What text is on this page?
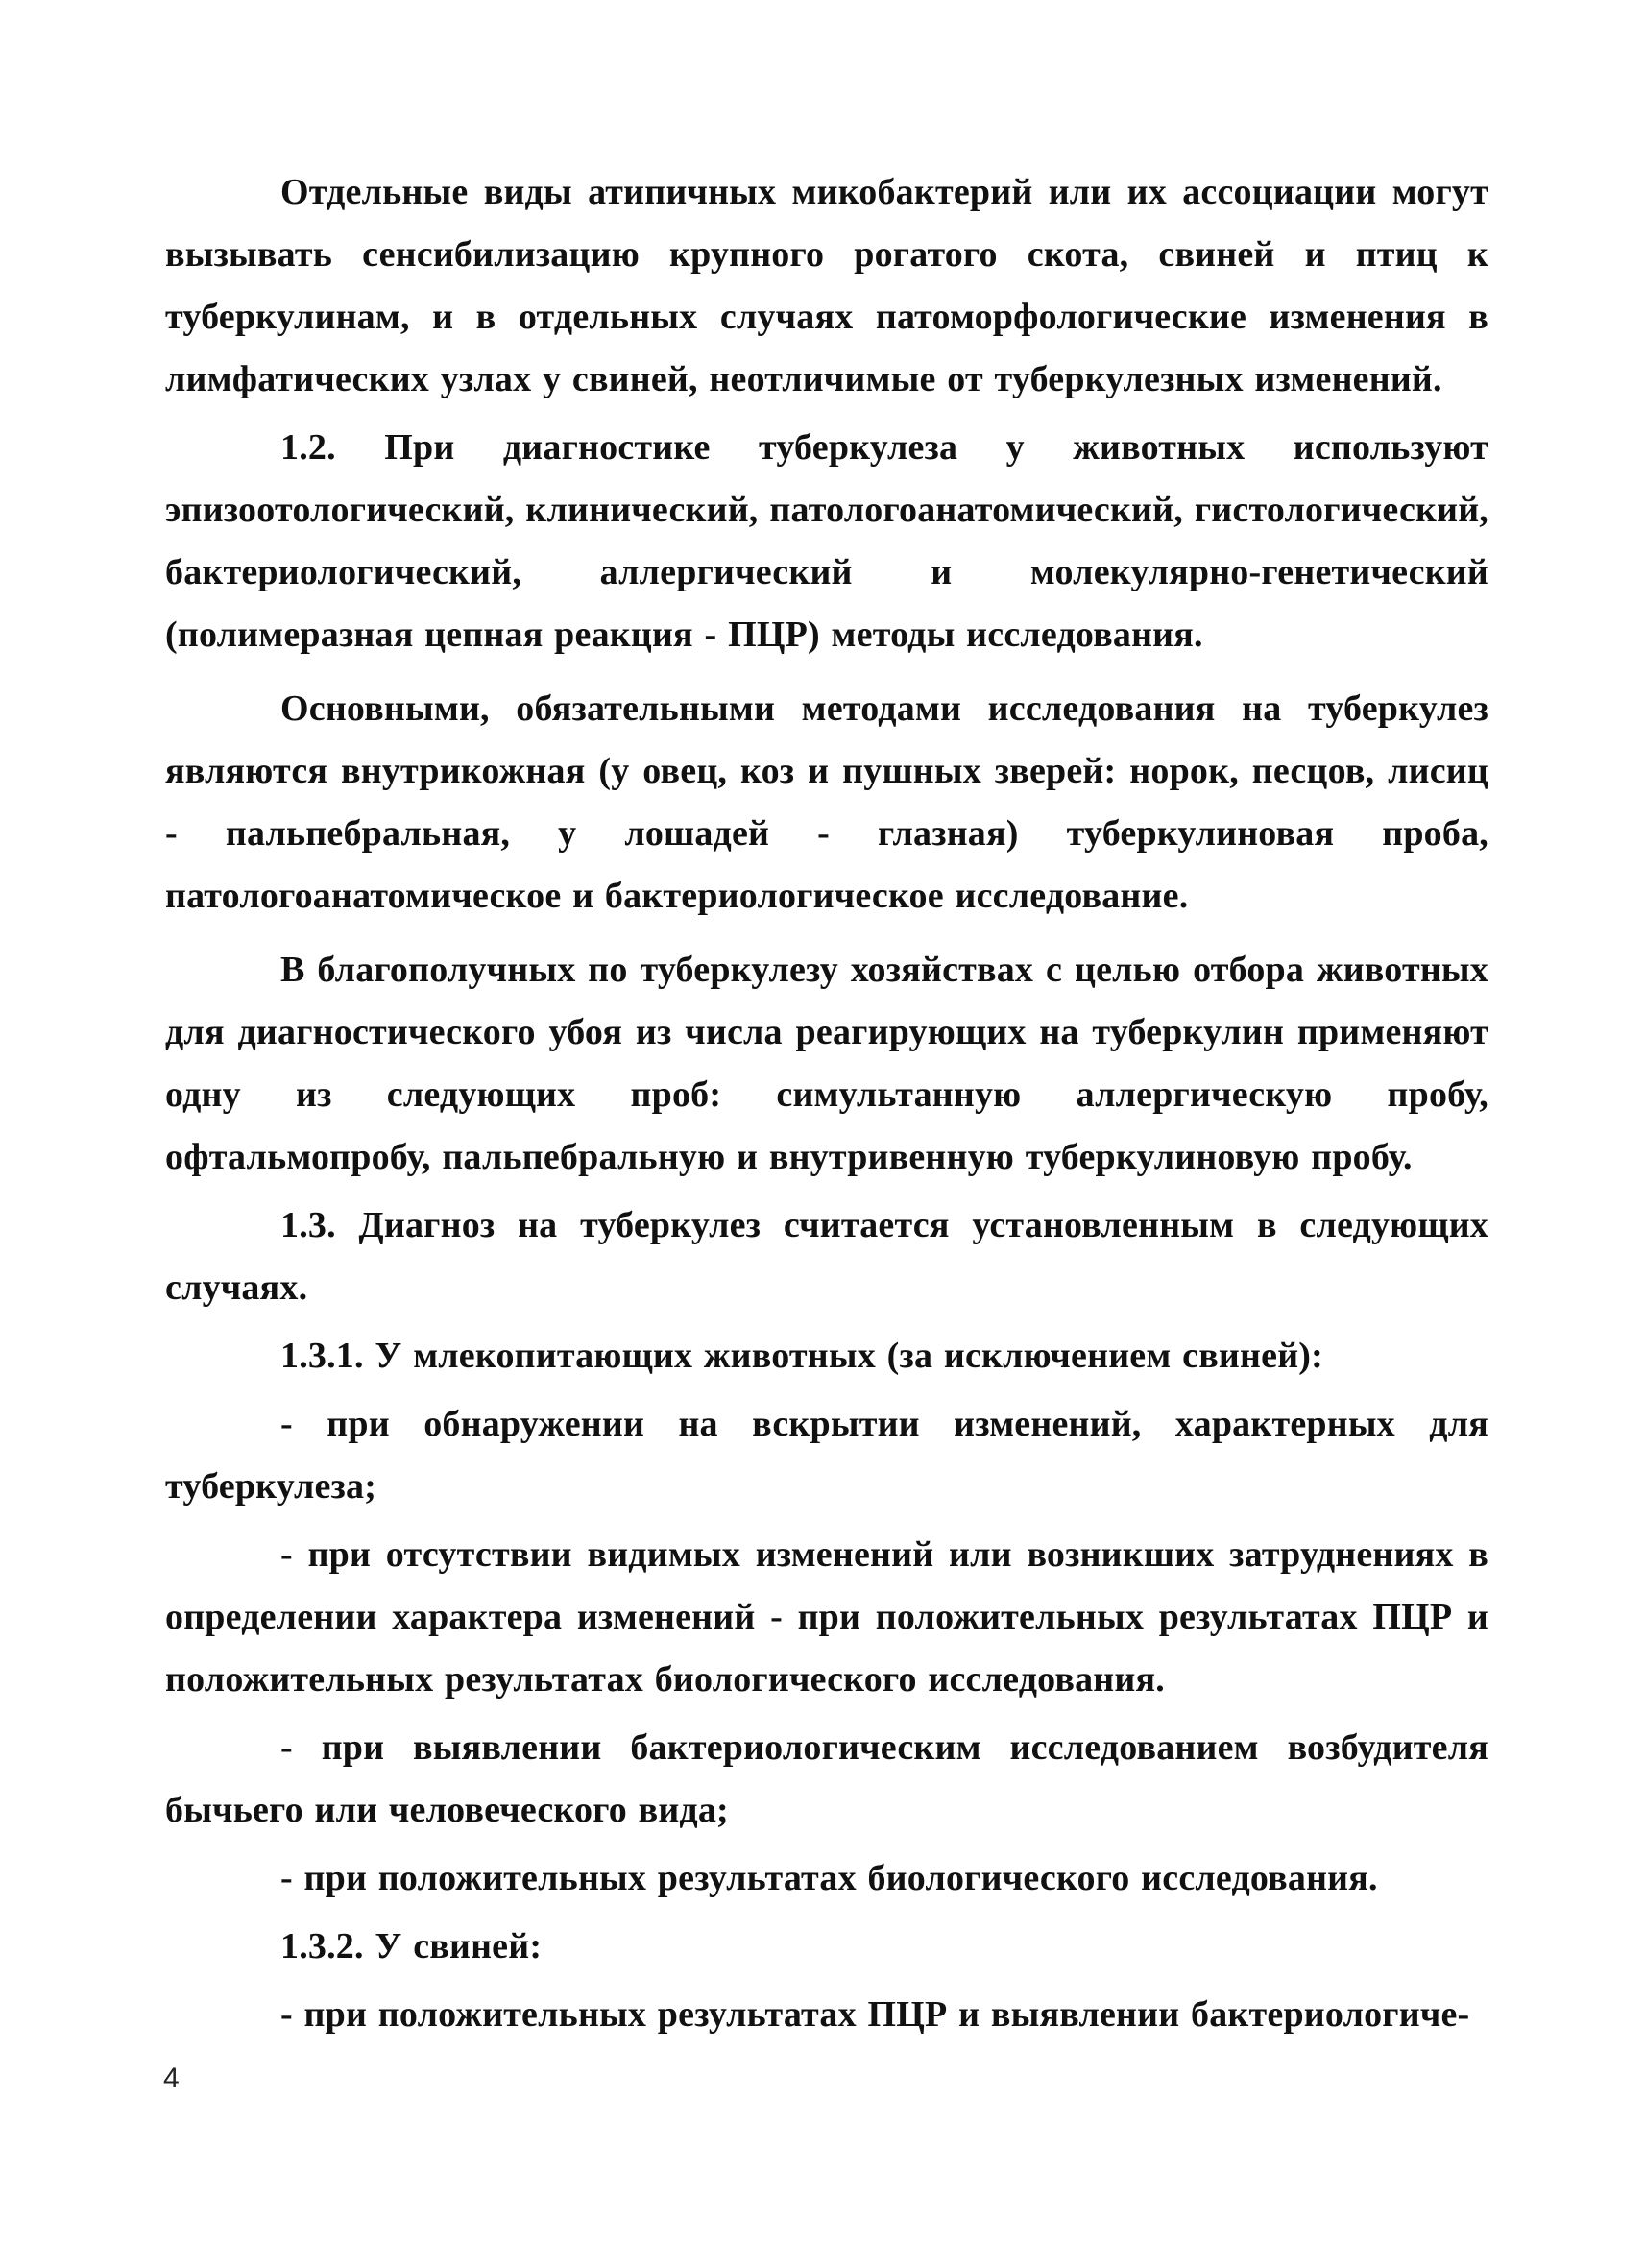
Отдельные виды атипичных микобактерий или их ассоциации могут вызывать сенсибилизацию крупного рогатого скота, свиней и птиц к туберкулинам, и в отдельных случаях патоморфологические изменения в лимфатических узлах у свиней, неотличимые от туберкулезных изменений.

1.2. При диагностике туберкулеза у животных используют эпизоотологический, клинический, патологоанатомический, гистологический, бактериологический, аллергический и молекулярно-генетический (полимеразная цепная реакция - ПЦР) методы исследования.

Основными, обязательными методами исследования на туберкулез являются внутрикожная (у овец, коз и пушных зверей: норок, песцов, лисиц - пальпебральная, у лошадей - глазная) туберкулиновая проба, патологоанатомическое и бактериологическое исследование.

В благополучных по туберкулезу хозяйствах с целью отбора животных для диагностического убоя из числа реагирующих на туберкулин применяют одну из следующих проб: симультанную аллергическую пробу, офтальмопробу, пальпебральную и внутривенную туберкулиновую пробу.

1.3. Диагноз на туберкулез считается установленным в следующих случаях.

1.3.1. У млекопитающих животных (за исключением свиней):

- при обнаружении на вскрытии изменений, характерных для туберкулеза;

- при отсутствии видимых изменений или возникших затруднениях в определении характера изменений - при положительных результатах ПЦР и положительных результатах биологического исследования.

- при выявлении бактериологическим исследованием возбудителя бычьего или человеческого вида;

- при положительных результатах биологического исследования.

1.3.2. У свиней:

- при положительных результатах ПЦР и выявлении бактериологиче-

4
